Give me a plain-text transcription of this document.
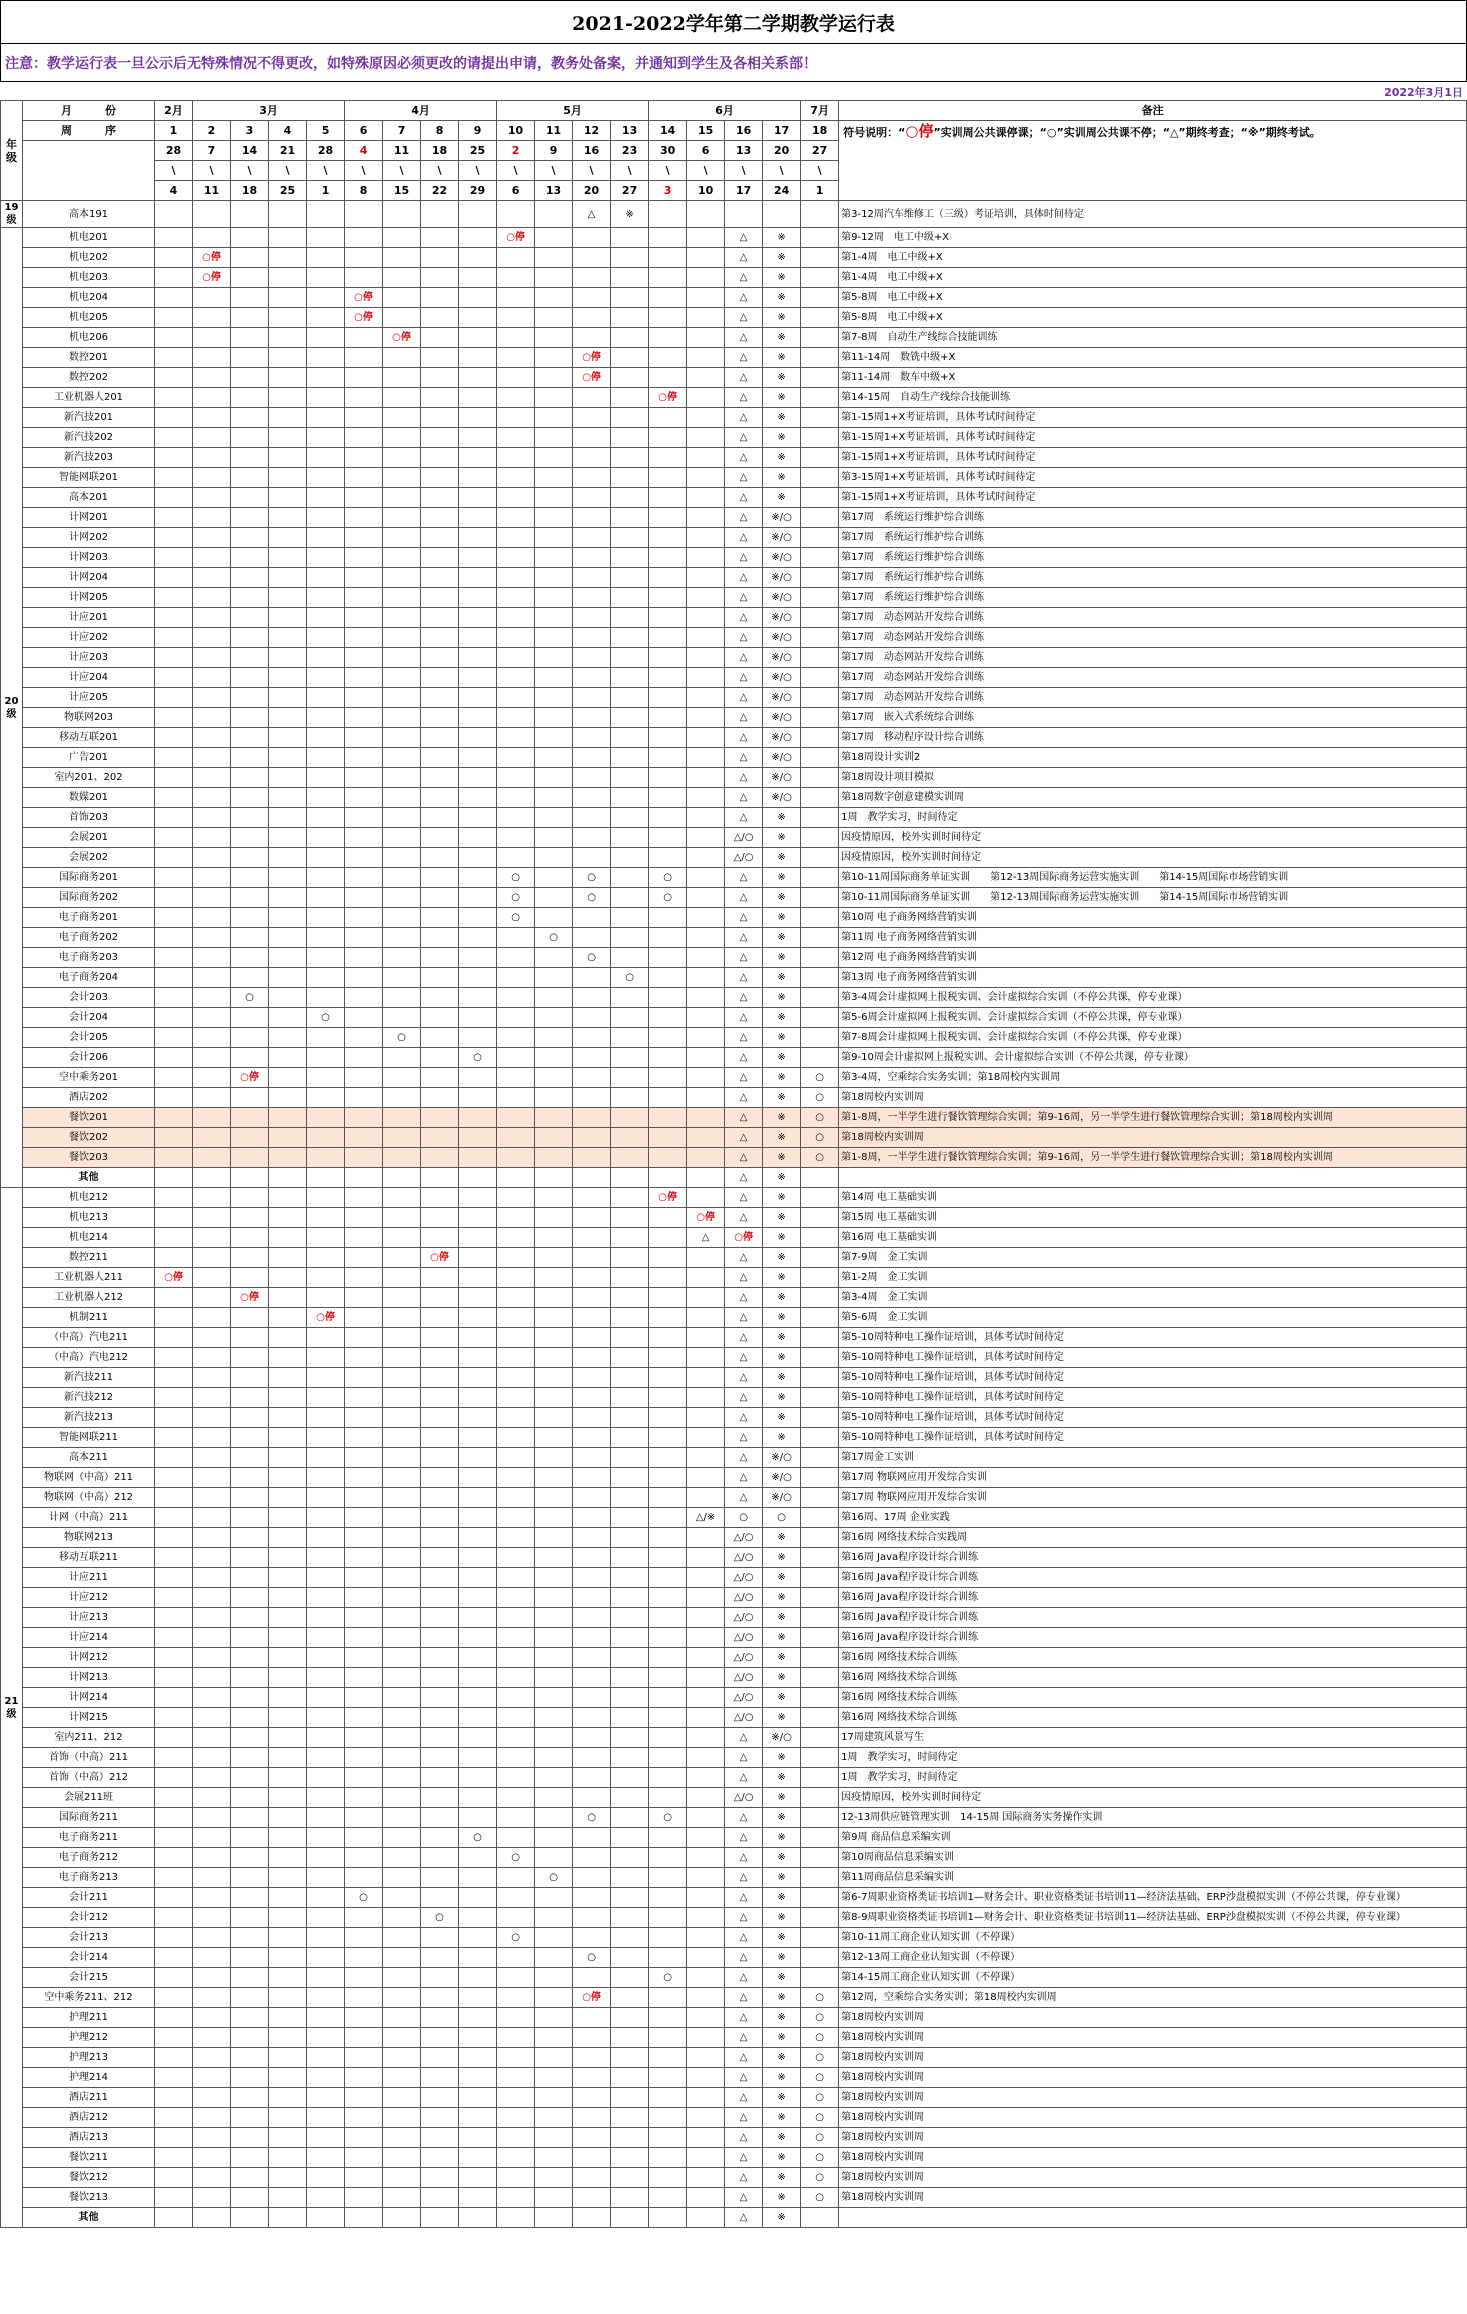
2021-2022学年第二学期教学运行表
注意：教学运行表一旦公示后无特殊情况不得更改，如特殊原因必须更改的请提出申请，教务处备案，并通知到学生及各相关系部！
2022年3月1日
年级	月　　　份	2月	3月				4月				5月				6月				7月	备注
	周　　　序	1	2	3	4	5	6	7	8	9	10	11	12	13	14	15	16	17	18	符号说明：“○停”实训周公共课停课；“○”实训周公共课不停；“△”期终考查；“※”期终考试。
		28	7	14	21	28	4	11	18	25	2	9	16	23	30	6	13	20	27	
		\	\	\	\	\	\	\	\	\	\	\	\	\	\	\	\	\	\	
		4	11	18	25	1	8	15	22	29	6	13	20	27	3	10	17	24	1	
19级	高本191												△	※						第3-12周汽车维修工（三级）考证培训，具体时间待定
20级	机电201										○停						△	※		第9-12周　电工中级+X
	机电202		○停														△	※		第1-4周　电工中级+X
	机电203		○停														△	※		第1-4周　电工中级+X
	机电204						○停										△	※		第5-8周　电工中级+X
	机电205						○停										△	※		第5-8周　电工中级+X
	机电206							○停									△	※		第7-8周　自动生产线综合技能训练
	数控201												○停				△	※		第11-14周　数铣中级+X
	数控202												○停				△	※		第11-14周　数车中级+X
	工业机器人201														○停		△	※		第14-15周　自动生产线综合技能训练
	新汽技201																△	※		第1-15周1+X考证培训，具体考试时间待定
	新汽技202																△	※		第1-15周1+X考证培训，具体考试时间待定
	新汽技203																△	※		第1-15周1+X考证培训，具体考试时间待定
	智能网联201																△	※		第3-15周1+X考证培训，具体考试时间待定
	高本201																△	※		第1-15周1+X考证培训，具体考试时间待定
	计网201																△	※/○		第17周　系统运行维护综合训练
	计网202																△	※/○		第17周　系统运行维护综合训练
	计网203																△	※/○		第17周　系统运行维护综合训练
	计网204																△	※/○		第17周　系统运行维护综合训练
	计网205																△	※/○		第17周　系统运行维护综合训练
	计应201																△	※/○		第17周　动态网站开发综合训练
	计应202																△	※/○		第17周　动态网站开发综合训练
	计应203																△	※/○		第17周　动态网站开发综合训练
	计应204																△	※/○		第17周　动态网站开发综合训练
	计应205																△	※/○		第17周　动态网站开发综合训练
	物联网203																△	※/○		第17周　嵌入式系统综合训练
	移动互联201																△	※/○		第17周　移动程序设计综合训练
	广告201																△	※/○		第18周设计实训2
	室内201、202																△	※/○		第18周设计项目模拟
	数媒201																△	※/○		第18周数字创意建模实训周
	首饰203																△	※		1周　教学实习，时间待定
	会展201																△/○	※		因疫情原因，校外实训时间待定
	会展202																△/○	※		因疫情原因，校外实训时间待定
	国际商务201										○		○		○		△	※		第10-11周国际商务单证实训　　第12-13周国际商务运营实施实训　　第14-15周国际市场营销实训
	国际商务202										○		○		○		△	※		第10-11周国际商务单证实训　　第12-13周国际商务运营实施实训　　第14-15周国际市场营销实训
	电子商务201										○						△	※		第10周 电子商务网络营销实训
	电子商务202											○					△	※		第11周 电子商务网络营销实训
	电子商务203												○				△	※		第12周 电子商务网络营销实训
	电子商务204													○			△	※		第13周 电子商务网络营销实训
	会计203			○													△	※		第3-4周会计虚拟网上报税实训、会计虚拟综合实训（不停公共课，停专业课）
	会计204					○											△	※		第5-6周会计虚拟网上报税实训、会计虚拟综合实训（不停公共课，停专业课）
	会计205							○									△	※		第7-8周会计虚拟网上报税实训、会计虚拟综合实训（不停公共课，停专业课）
	会计206									○							△	※		第9-10周会计虚拟网上报税实训、会计虚拟综合实训（不停公共课，停专业课）
	空中乘务201			○停													△	※	○	第3-4周，空乘综合实务实训；第18周校内实训周
	酒店202																△	※	○	第18周校内实训周
	餐饮201																△	※	○	第1-8周，一半学生进行餐饮管理综合实训；第9-16周，另一半学生进行餐饮管理综合实训；第18周校内实训周
	餐饮202																△	※	○	第18周校内实训周
	餐饮203																△	※	○	第1-8周，一半学生进行餐饮管理综合实训；第9-16周，另一半学生进行餐饮管理综合实训；第18周校内实训周
	其他																△	※		
21级	机电212														○停		△	※		第14周 电工基础实训
	机电213															○停	△	※		第15周 电工基础实训
	机电214															△	○停	※		第16周 电工基础实训
	数控211								○停								△	※		第7-9周　金工实训
	工业机器人211	○停															△	※		第1-2周　金工实训
	工业机器人212			○停													△	※		第3-4周　金工实训
	机制211					○停											△	※		第5-6周　金工实训
	（中高）汽电211																△	※		第5-10周特种电工操作证培训，具体考试时间待定
	（中高）汽电212																△	※		第5-10周特种电工操作证培训，具体考试时间待定
	新汽技211																△	※		第5-10周特种电工操作证培训，具体考试时间待定
	新汽技212																△	※		第5-10周特种电工操作证培训，具体考试时间待定
	新汽技213																△	※		第5-10周特种电工操作证培训，具体考试时间待定
	智能网联211																△	※		第5-10周特种电工操作证培训，具体考试时间待定
	高本211																△	※/○		第17周金工实训
	物联网（中高）211																△	※/○		第17周 物联网应用开发综合实训
	物联网（中高）212																△	※/○		第17周 物联网应用开发综合实训
	计网（中高）211															△/※	○	○		第16周、17周 企业实践
	物联网213																△/○	※		第16周 网络技术综合实践周
	移动互联211																△/○	※		第16周 Java程序设计综合训练
	计应211																△/○	※		第16周 Java程序设计综合训练
	计应212																△/○	※		第16周 Java程序设计综合训练
	计应213																△/○	※		第16周 Java程序设计综合训练
	计应214																△/○	※		第16周 Java程序设计综合训练
	计网212																△/○	※		第16周 网络技术综合训练
	计网213																△/○	※		第16周 网络技术综合训练
	计网214																△/○	※		第16周 网络技术综合训练
	计网215																△/○	※		第16周 网络技术综合训练
	室内211、212																△	※/○		17周建筑风景写生
	首饰（中高）211																△	※		1周　教学实习，时间待定
	首饰（中高）212																△	※		1周　教学实习，时间待定
	会展211班																△/○	※		因疫情原因，校外实训时间待定
	国际商务211												○		○		△	※		12-13周供应链管理实训　14-15周 国际商务实务操作实训
	电子商务211									○							△	※		第9周 商品信息采编实训
	电子商务212										○						△	※		第10周商品信息采编实训
	电子商务213											○					△	※		第11周商品信息采编实训
	会计211						○										△	※		第6-7周职业资格类证书培训1—财务会计、职业资格类证书培训11—经济法基础、ERP沙盘模拟实训（不停公共课，停专业课）
	会计212								○								△	※		第8-9周职业资格类证书培训1—财务会计、职业资格类证书培训11—经济法基础、ERP沙盘模拟实训（不停公共课，停专业课）
	会计213										○						△	※		第10-11周工商企业认知实训（不停课）
	会计214												○				△	※		第12-13周工商企业认知实训（不停课）
	会计215														○		△	※		第14-15周工商企业认知实训（不停课）
	空中乘务211、212												○停				△	※	○	第12周，空乘综合实务实训；第18周校内实训周
	护理211																△	※	○	第18周校内实训周
	护理212																△	※	○	第18周校内实训周
	护理213																△	※	○	第18周校内实训周
	护理214																△	※	○	第18周校内实训周
	酒店211																△	※	○	第18周校内实训周
	酒店212																△	※	○	第18周校内实训周
	酒店213																△	※	○	第18周校内实训周
	餐饮211																△	※	○	第18周校内实训周
	餐饮212																△	※	○	第18周校内实训周
	餐饮213																△	※	○	第18周校内实训周
	其他																△	※		
